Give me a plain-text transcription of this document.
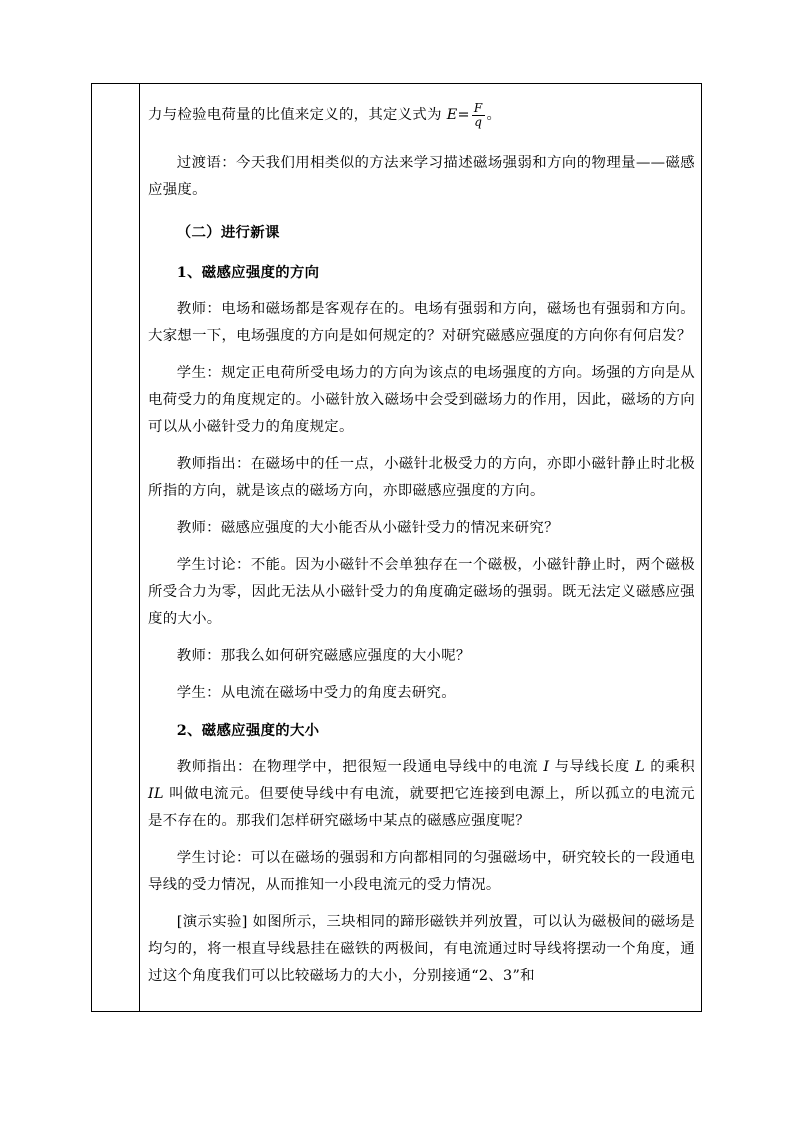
力与检验电荷量的比值来定义的，其定义式为 $E= \frac{F}{q}$ 。

过渡语：今天我们用相类似的方法来学习描述磁场强弱和方向的物理量——磁感应强度。

（二）进行新课

1、磁感应强度的方向

教师：电场和磁场都是客观存在的。电场有强弱和方向，磁场也有强弱和方向。大家想一下，电场强度的方向是如何规定的？对研究磁感应强度的方向你有何启发？

学生：规定正电荷所受电场力的方向为该点的电场强度的方向。场强的方向是从电荷受力的角度规定的。小磁针放入磁场中会受到磁场力的作用，因此，磁场的方向可以从小磁针受力的角度规定。

教师指出：在磁场中的任一点，小磁针北极受力的方向，亦即小磁针静止时北极所指的方向，就是该点的磁场方向，亦即磁感应强度的方向。

教师：磁感应强度的大小能否从小磁针受力的情况来研究？

学生讨论：不能。因为小磁针不会单独存在一个磁极，小磁针静止时，两个磁极所受合力为零，因此无法从小磁针受力的角度确定磁场的强弱。既无法定义磁感应强度的大小。

教师：那我么如何研究磁感应强度的大小呢？

学生：从电流在磁场中受力的角度去研究。

2、磁感应强度的大小

教师指出：在物理学中，把很短一段通电导线中的电流 I 与导线长度 L 的乘积 IL 叫做电流元。但要使导线中有电流，就要把它连接到电源上，所以孤立的电流元是不存在的。那我们怎样研究磁场中某点的磁感应强度呢？

学生讨论：可以在磁场的强弱和方向都相同的匀强磁场中，研究较长的一段通电导线的受力情况，从而推知一小段电流元的受力情况。

[演示实验] 如图所示，三块相同的蹄形磁铁并列放置，可以认为磁极间的磁场是均匀的，将一根直导线悬挂在磁铁的两极间，有电流通过时导线将摆动一个角度，通过这个角度我们可以比较磁场力的大小，分别接通“2、3”和
